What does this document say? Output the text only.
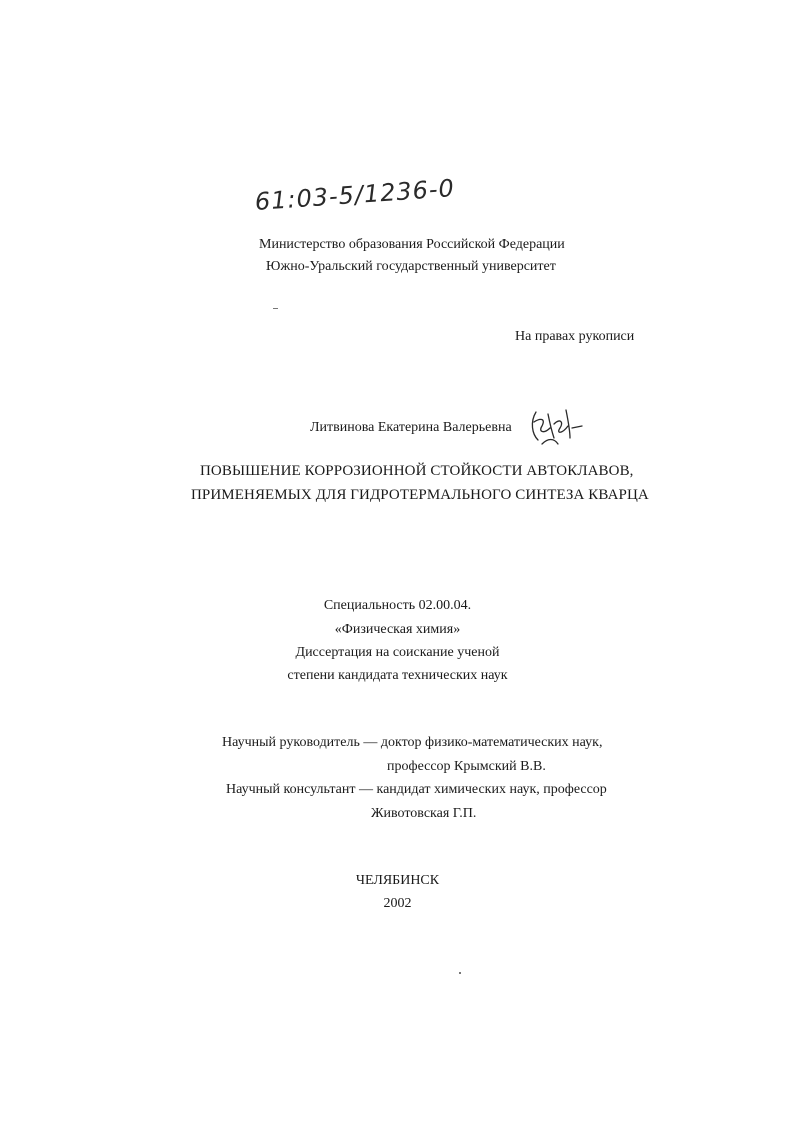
61:03-5/1236-0
Министерство образования Российской Федерации
Южно-Уральский государственный университет
На правах рукописи
Литвинова Екатерина Валерьевна
ПОВЫШЕНИЕ КОРРОЗИОННОЙ СТОЙКОСТИ АВТОКЛАВОВ,
ПРИМЕНЯЕМЫХ ДЛЯ ГИДРОТЕРМАЛЬНОГО СИНТЕЗА КВАРЦА
Специальность 02.00.04.
«Физическая химия»
Диссертация на соискание ученой
степени кандидата технических наук
Научный руководитель — доктор физико-математических наук,
профессор Крымский В.В.
Научный консультант — кандидат химических наук, профессор
Животовская Г.П.
ЧЕЛЯБИНСК
2002
